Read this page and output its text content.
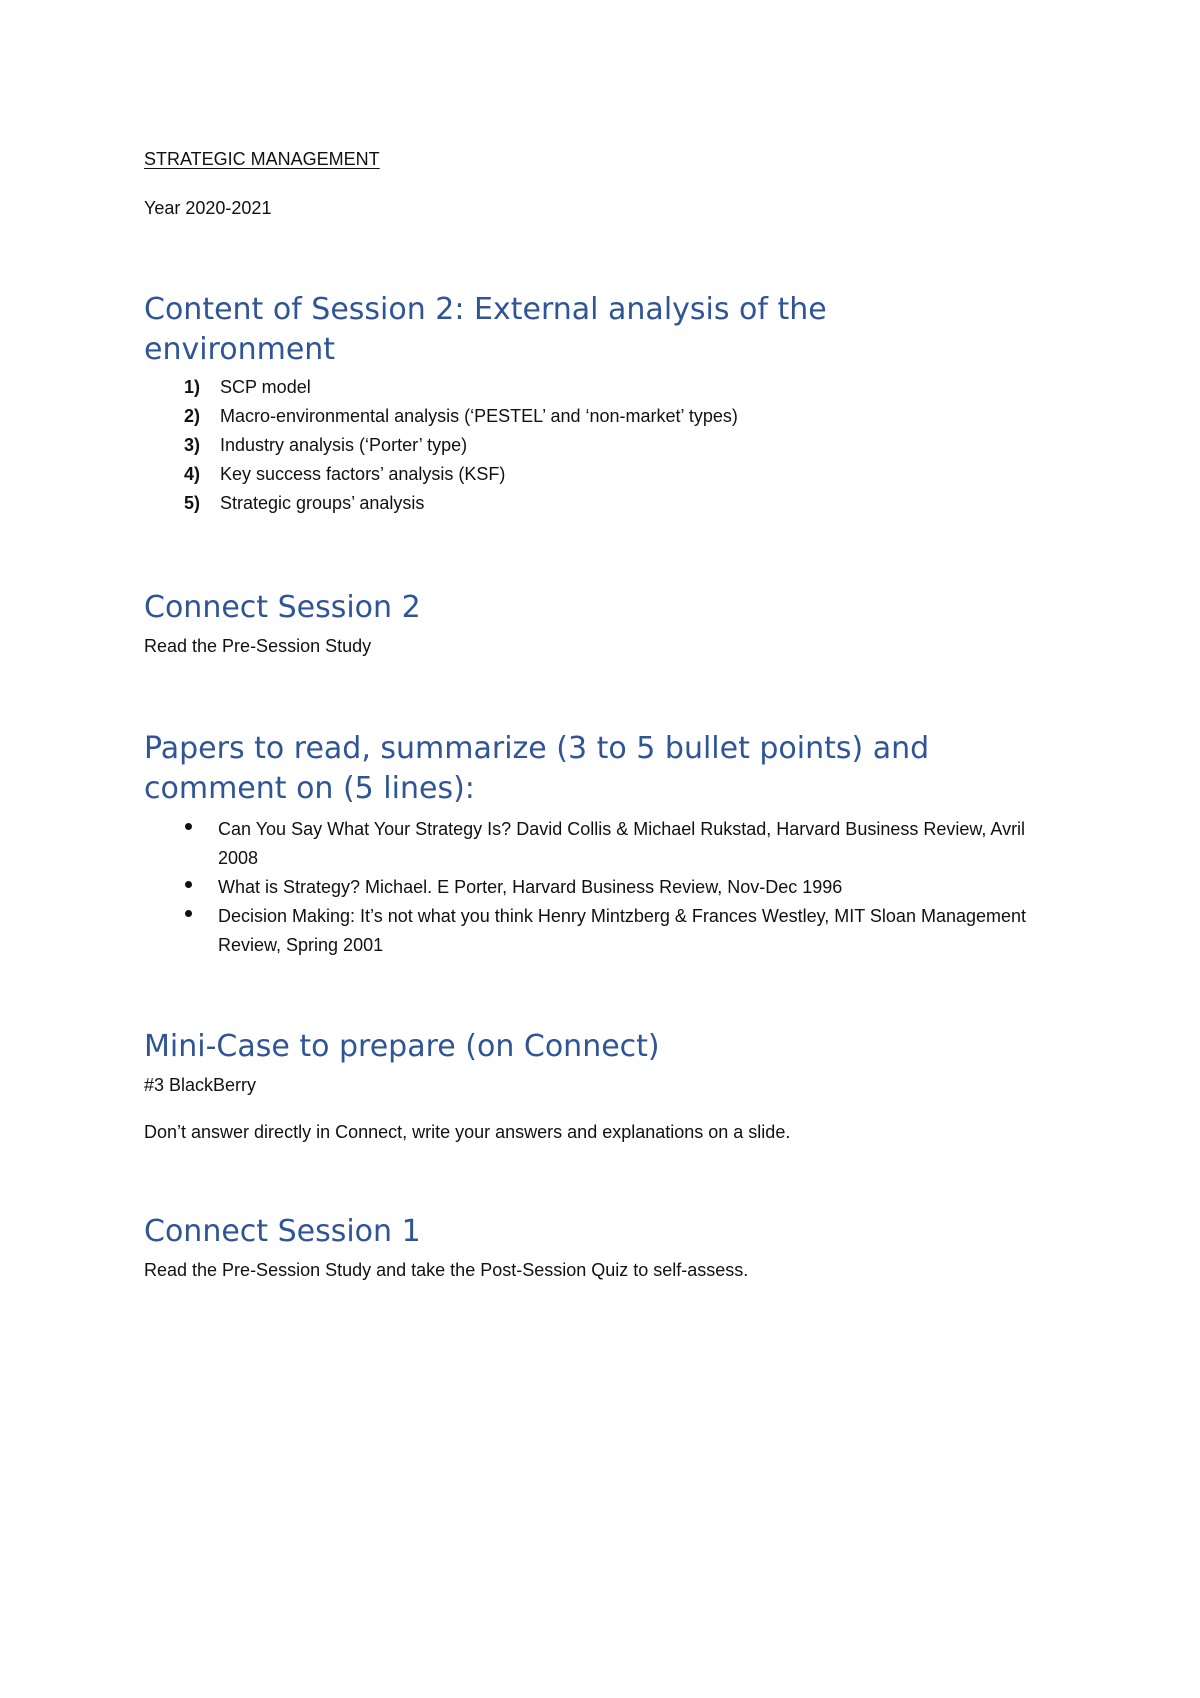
STRATEGIC MANAGEMENT
Year 2020-2021
Content of Session 2: External analysis of the environment
1)	SCP model
2)	Macro-environmental analysis (‘PESTEL’ and ‘non-market’ types)
3)	Industry analysis (‘Porter’ type)
4)	Key success factors’ analysis (KSF)
5)	Strategic groups’ analysis
Connect Session 2
Read the Pre-Session Study
Papers to read, summarize (3 to 5 bullet points) and comment on (5 lines):
Can You Say What Your Strategy Is? David Collis & Michael Rukstad, Harvard Business Review, Avril 2008
What is Strategy? Michael. E Porter, Harvard Business Review, Nov-Dec 1996
Decision Making: It’s not what you think Henry Mintzberg & Frances Westley, MIT Sloan Management Review, Spring 2001
Mini-Case to prepare (on Connect)
#3 BlackBerry
Don’t answer directly in Connect, write your answers and explanations on a slide.
Connect Session 1
Read the Pre-Session Study and take the Post-Session Quiz to self-assess.
